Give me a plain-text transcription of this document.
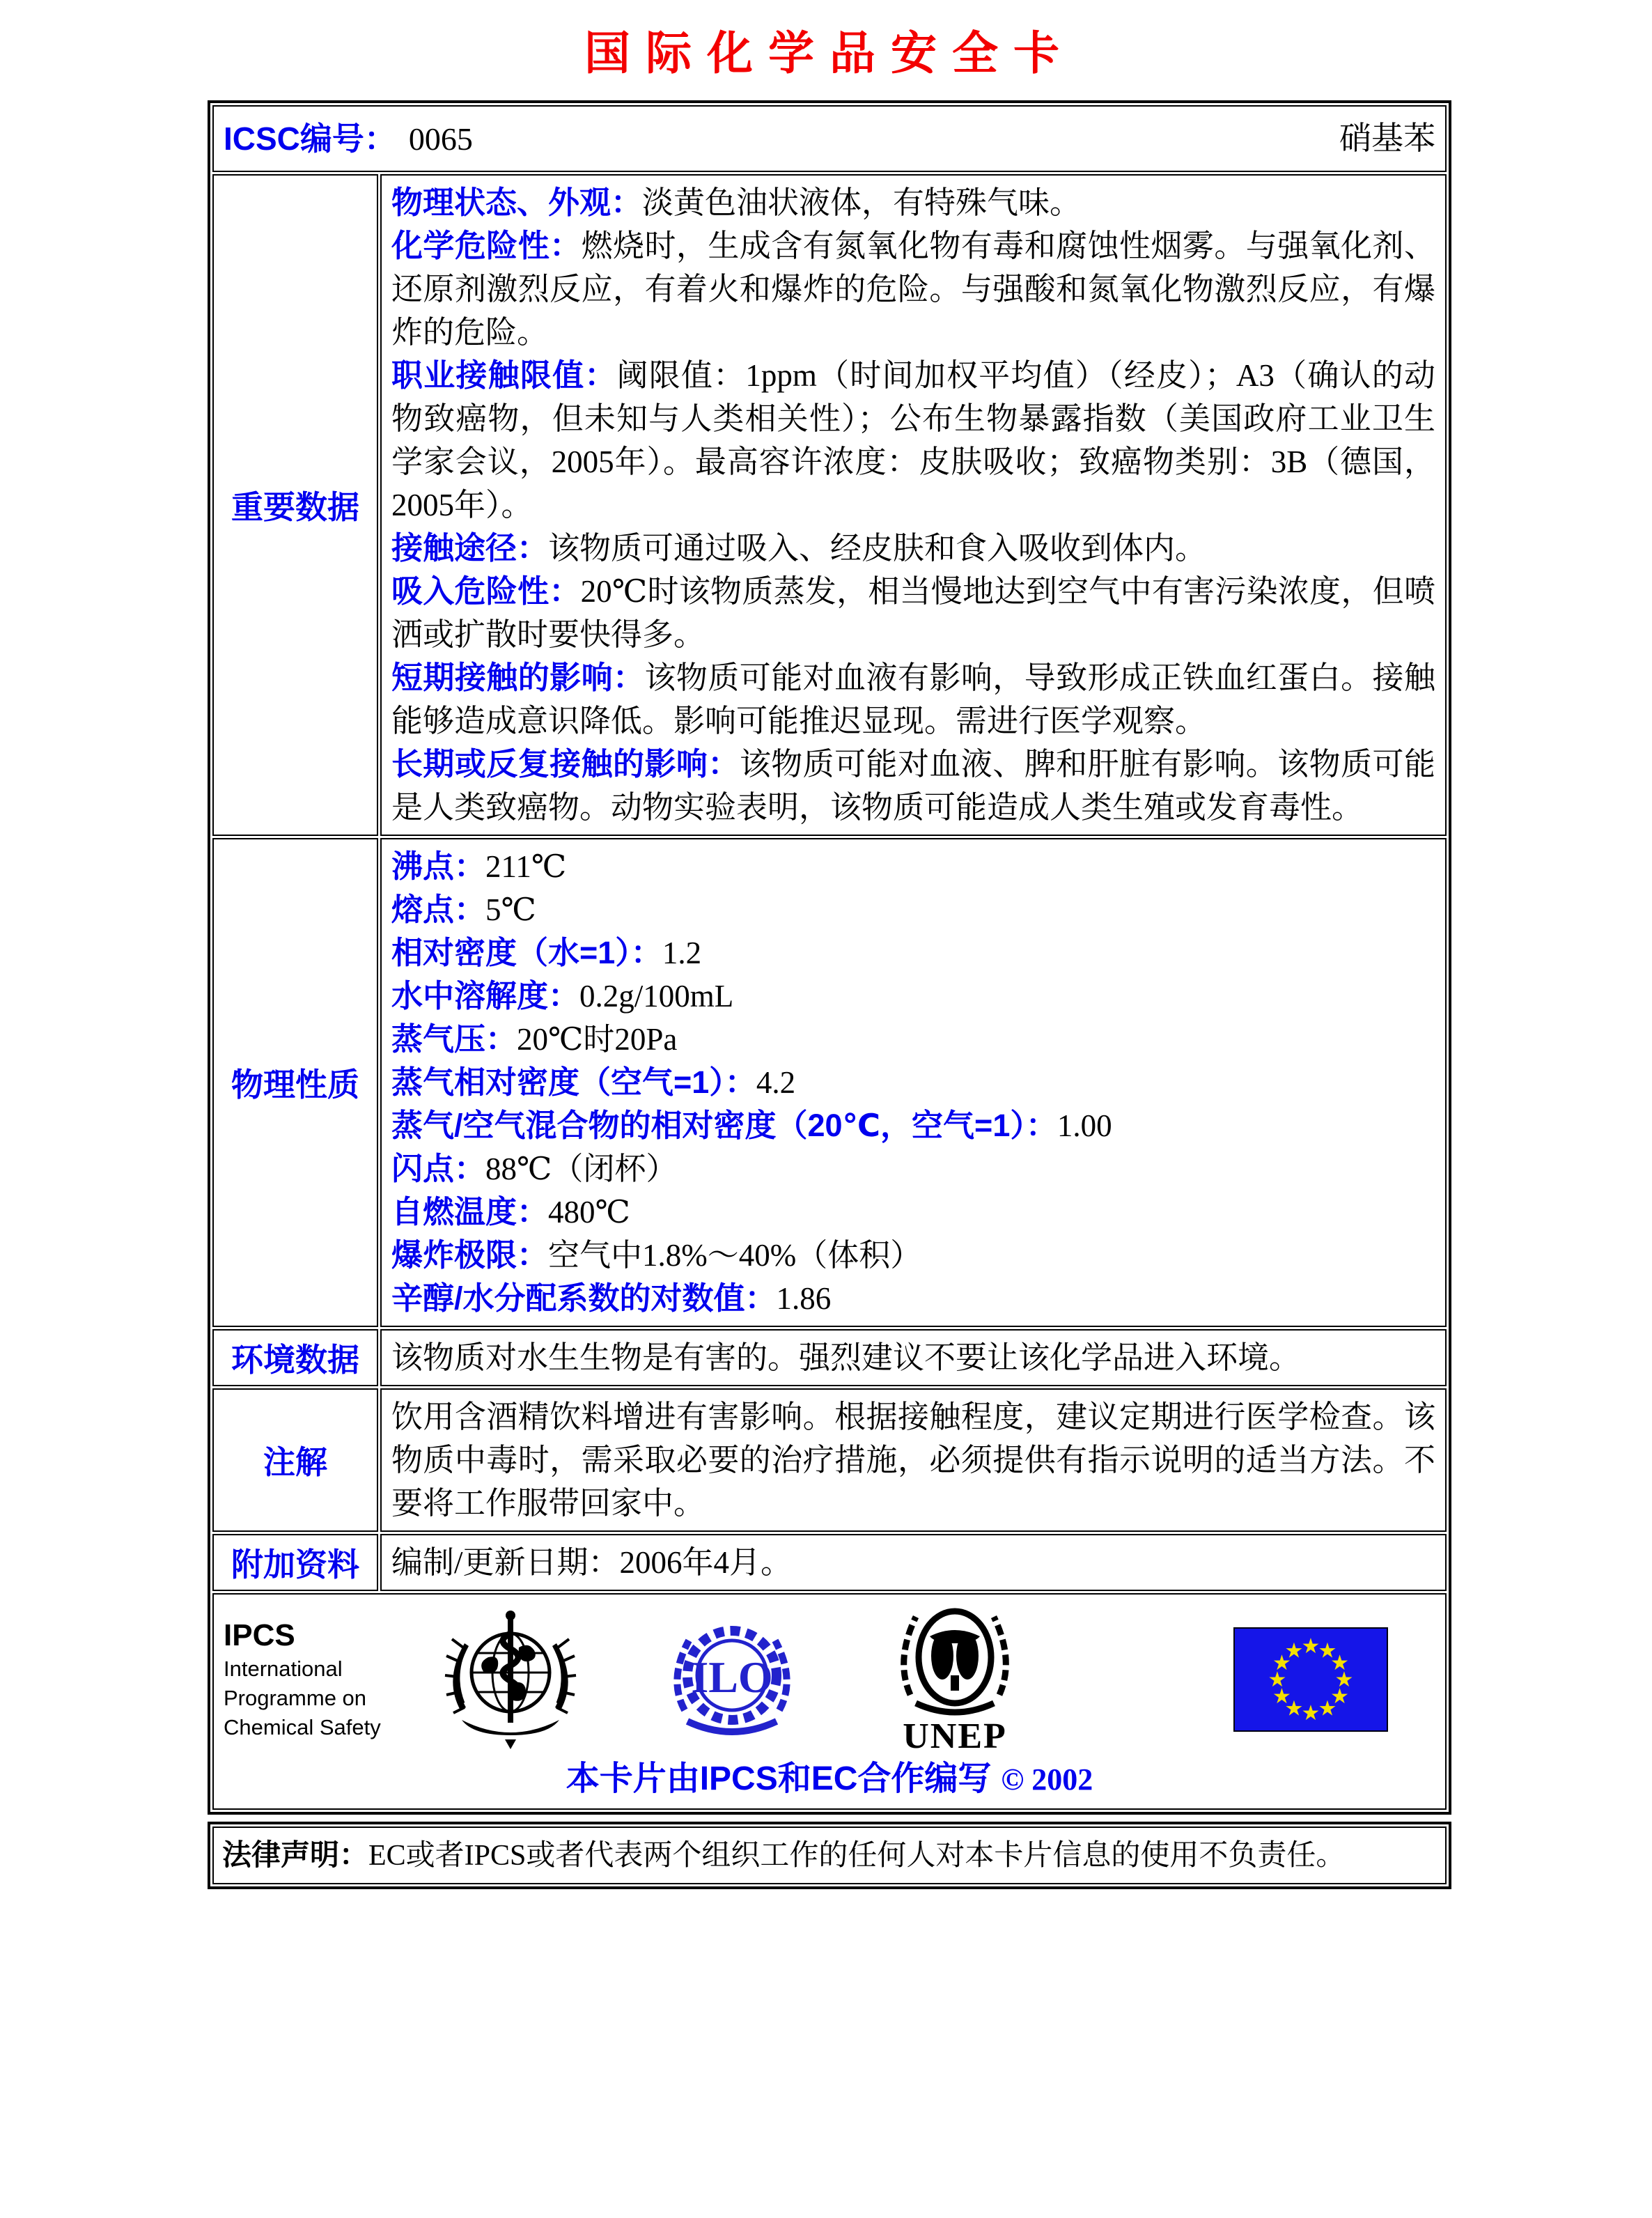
国际化学品安全卡
ICSC编号： 0065 硝基苯	

重要数据	
物理状态、外观：淡黄色油状液体，有特殊气味。
化学危险性：燃烧时，生成含有氮氧化物有毒和腐蚀性烟雾。与强氧化剂、还原剂激烈反应，有着火和爆炸的危险。与强酸和氮氧化物激烈反应，有爆炸的危险。
职业接触限值：阈限值：1ppm（时间加权平均值）（经皮）；A3（确认的动物致癌物，但未知与人类相关性）；公布生物暴露指数（美国政府工业卫生学家会议，2005年）。最高容许浓度：皮肤吸收；致癌物类别：3B（德国，2005年）。
接触途径：该物质可通过吸入、经皮肤和食入吸收到体内。
吸入危险性：20℃时该物质蒸发，相当慢地达到空气中有害污染浓度，但喷洒或扩散时要快得多。
短期接触的影响：该物质可能对血液有影响，导致形成正铁血红蛋白。接触能够造成意识降低。影响可能推迟显现。需进行医学观察。
长期或反复接触的影响：该物质可能对血液、脾和肝脏有影响。该物质可能是人类致癌物。动物实验表明，该物质可能造成人类生殖或发育毒性。

物理性质	
沸点：211℃
熔点：5℃
相对密度（水=1）：1.2
水中溶解度：0.2g/100mL
蒸气压：20℃时20Pa
蒸气相对密度（空气=1）：4.2
蒸气/空气混合物的相对密度（20℃，空气=1）：1.00
闪点：88℃（闭杯）
自燃温度：480℃
爆炸极限：空气中1.8%～40%（体积）
辛醇/水分配系数的对数值：1.86

环境数据	该物质对水生生物是有害的。强烈建议不要让该化学品进入环境。

注解	饮用含酒精饮料增进有害影响。根据接触程度，建议定期进行医学检查。该物质中毒时，需采取必要的治疗措施，必须提供有指示说明的适当方法。不要将工作服带回家中。

附加资料	编制/更新日期：2006年4月。

IPCS
International
Programme on
Chemical Safety
ILO
UNEP
★
★
★
★
★
★
★
★
★
★
★
★
本卡片由IPCS和EC合作编写 © 2002
法律声明：EC或者IPCS或者代表两个组织工作的任何人对本卡片信息的使用不负责任。
